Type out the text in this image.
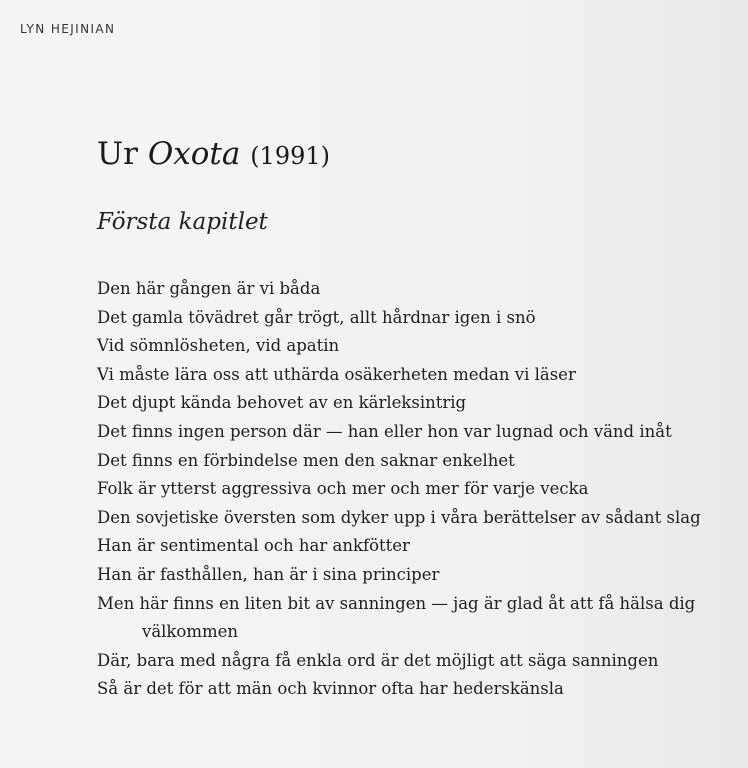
LYN HEJINIAN
Ur Oxota (1991)
Första kapitlet
Den här gången är vi båda
Det gamla tövädret går trögt, allt hårdnar igen i snö
Vid sömnlösheten, vid apatin
Vi måste lära oss att uthärda osäkerheten medan vi läser
Det djupt kända behovet av en kärleksintrig
Det finns ingen person där — han eller hon var lugnad och vänd inåt
Det finns en förbindelse men den saknar enkelhet
Folk är ytterst aggressiva och mer och mer för varje vecka
Den sovjetiske översten som dyker upp i våra berättelser av sådant slag
Han är sentimental och har ankfötter
Han är fasthållen, han är i sina principer
Men här finns en liten bit av sanningen — jag är glad åt att få hälsa dig
välkommen
Där, bara med några få enkla ord är det möjligt att säga sanningen
Så är det för att män och kvinnor ofta har hederskänsla
